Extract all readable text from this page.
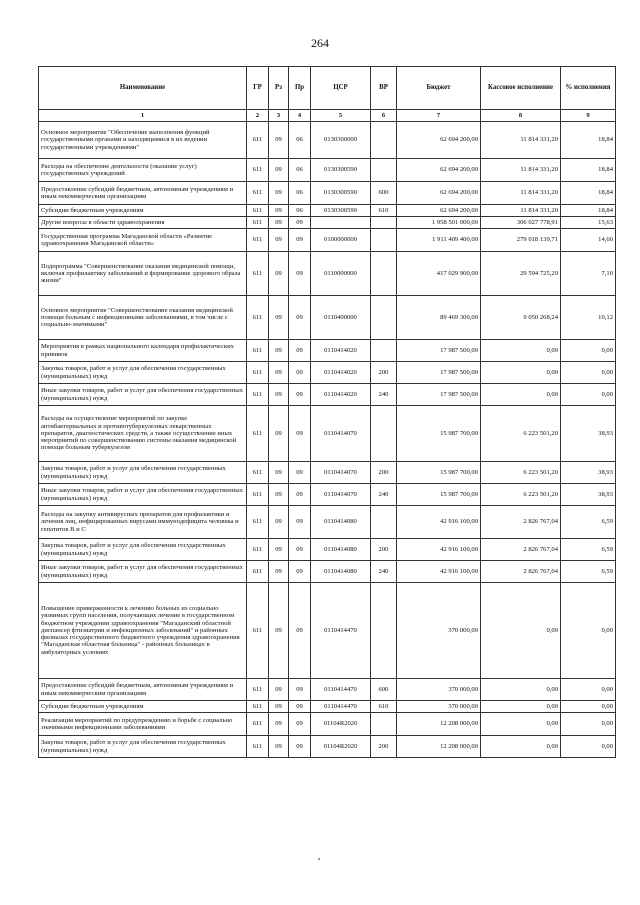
264
Наименование	ГР	Рз	Пр	ЦСР	ВР	Бюджет	Кассовое исполнение	% исполнения
1	2	3	4	5	6	7	8	9
Основное мероприятие "Обеспечение выполнения функций государственными органами и находящимися в их ведении государственными учреждениями"	611	09	06	0130300000		62 694 200,00	11 814 331,20	18,84
Расходы на обеспечение деятельности (оказание услуг) государственных учреждений	611	09	06	0130300590		62 694 200,00	11 814 331,20	18,84
Предоставление субсидий бюджетным, автономным учреждениям и иным некоммерческим организациям	611	09	06	0130300590	600	62 694 200,00	11 814 331,20	18,84
Субсидии бюджетным учреждениям	611	09	06	0130300590	610	62 694 200,00	11 814 331,20	18,84
Другие вопросы в области здравоохранения	611	09	09			1 958 501 000,00	306 027 778,91	15,63
Государственная программа Магаданской области «Развитие здравоохранения Магаданской области»	611	09	09	0100000000		1 911 409 400,00	279 018 139,71	14,60
Подпрограмма "Совершенствование оказания медицинской помощи, включая профилактику заболеваний и формирование здорового образа жизни"	611	09	09	0110000000		417 029 900,00	29 594 725,29	7,10
Основное мероприятие "Совершенствование оказания медицинской помощи больным с инфекционными заболеваниями, в том числе с социально-значимыми"	611	09	09	0110400000		89 469 300,00	9 050 268,24	10,12
Мероприятия в рамках национального календаря профилактических прививок	611	09	09	0110414020		17 987 500,00	0,00	0,00
Закупка товаров, работ и услуг для обеспечения государственных (муниципальных) нужд	611	09	09	0110414020	200	17 987 500,00	0,00	0,00
Иные закупки товаров, работ и услуг для обеспечения государственных (муниципальных) нужд	611	09	09	0110414020	240	17 987 500,00	0,00	0,00
Расходы на осуществление мероприятий по закупке антибактериальных и противотуберкулезных лекарственных препаратов, диагностических средств, а также осуществление иных мероприятий по совершенствованию системы оказания медицинской помощи больным туберкулезом	611	09	09	0110414070		15 987 700,00	6 223 501,20	38,93
Закупка товаров, работ и услуг для обеспечения государственных (муниципальных) нужд	611	09	09	0110414070	200	15 987 700,00	6 223 501,20	38,93
Иные закупки товаров, работ и услуг для обеспечения государственных (муниципальных) нужд	611	09	09	0110414070	240	15 987 700,00	6 223 501,20	38,93
Расходы на закупку антивирусных препаратов для профилактики и лечения лиц, инфицированных вирусами иммунодефицита человека и гепатитов В и С	611	09	09	0110414080		42 916 100,00	2 826 767,04	6,59
Закупка товаров, работ и услуг для обеспечения государственных (муниципальных) нужд	611	09	09	0110414080	200	42 916 100,00	2 826 767,04	6,59
Иные закупки товаров, работ и услуг для обеспечения государственных (муниципальных) нужд	611	09	09	0110414080	240	42 916 100,00	2 826 767,04	6,59
Повышение приверженности к лечению больных из социально уязвимых групп населения, получающих лечение в государственном бюджетном учреждении здравоохранения "Магаданский областной диспансер фтизиатрии и инфекционных заболеваний" и районных филиалах государственного бюджетного учреждения здравоохранения "Магаданская областная больница" - районных больницах в амбулаторных условиях	611	09	09	0110414470		370 000,00	0,00	0,00
Предоставление субсидий бюджетным, автономным учреждениям и иным некоммерческим организациям	611	09	09	0110414470	600	370 000,00	0,00	0,00
Субсидии бюджетным учреждениям	611	09	09	0110414470	610	370 000,00	0,00	0,00
Реализация мероприятий по предупреждению и борьбе с социально значимыми инфекционными заболеваниями	611	09	09	01104R2020		12 208 000,00	0,00	0,00
Закупка товаров, работ и услуг для обеспечения государственных (муниципальных) нужд	611	09	09	01104R2020	200	12 208 000,00	0,00	0,00
